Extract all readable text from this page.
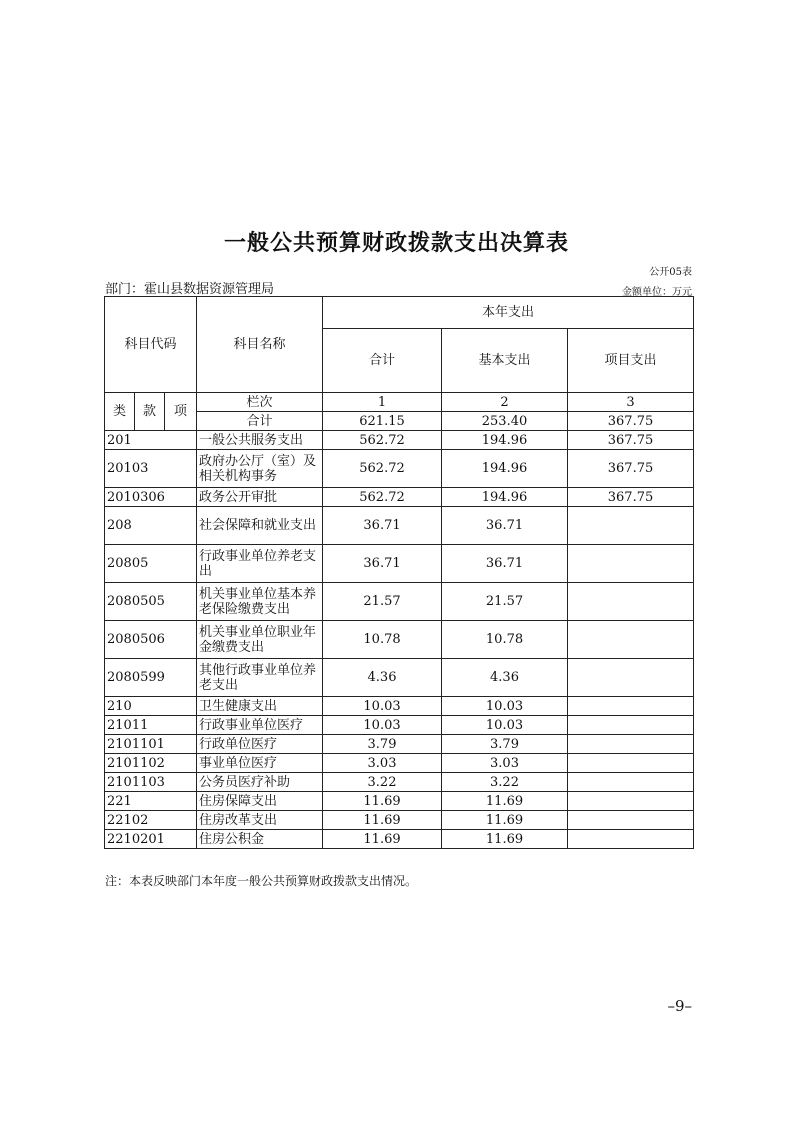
一般公共预算财政拨款支出决算表
公开05表
部门：霍山县数据资源管理局	金额单位：万元
科目代码			科目名称	本年支出		
				合计	基本支出	项目支出
类	款	项	栏次	1	2	3
			合计	621.15	253.40	367.75
201			一般公共服务支出	562.72	194.96	367.75
20103			政府办公厅（室）及相关机构事务	562.72	194.96	367.75
2010306			政务公开审批	562.72	194.96	367.75
208			社会保障和就业支出	36.71	36.71	
20805			行政事业单位养老支出	36.71	36.71	
2080505			机关事业单位基本养老保险缴费支出	21.57	21.57	
2080506			机关事业单位职业年金缴费支出	10.78	10.78	
2080599			其他行政事业单位养老支出	4.36	4.36	
210			卫生健康支出	10.03	10.03	
21011			行政事业单位医疗	10.03	10.03	
2101101			行政单位医疗	3.79	3.79	
2101102			事业单位医疗	3.03	3.03	
2101103			公务员医疗补助	3.22	3.22	
221			住房保障支出	11.69	11.69	
22102			住房改革支出	11.69	11.69	
2210201			住房公积金	11.69	11.69	
注：本表反映部门本年度一般公共预算财政拨款支出情况。
–9–
